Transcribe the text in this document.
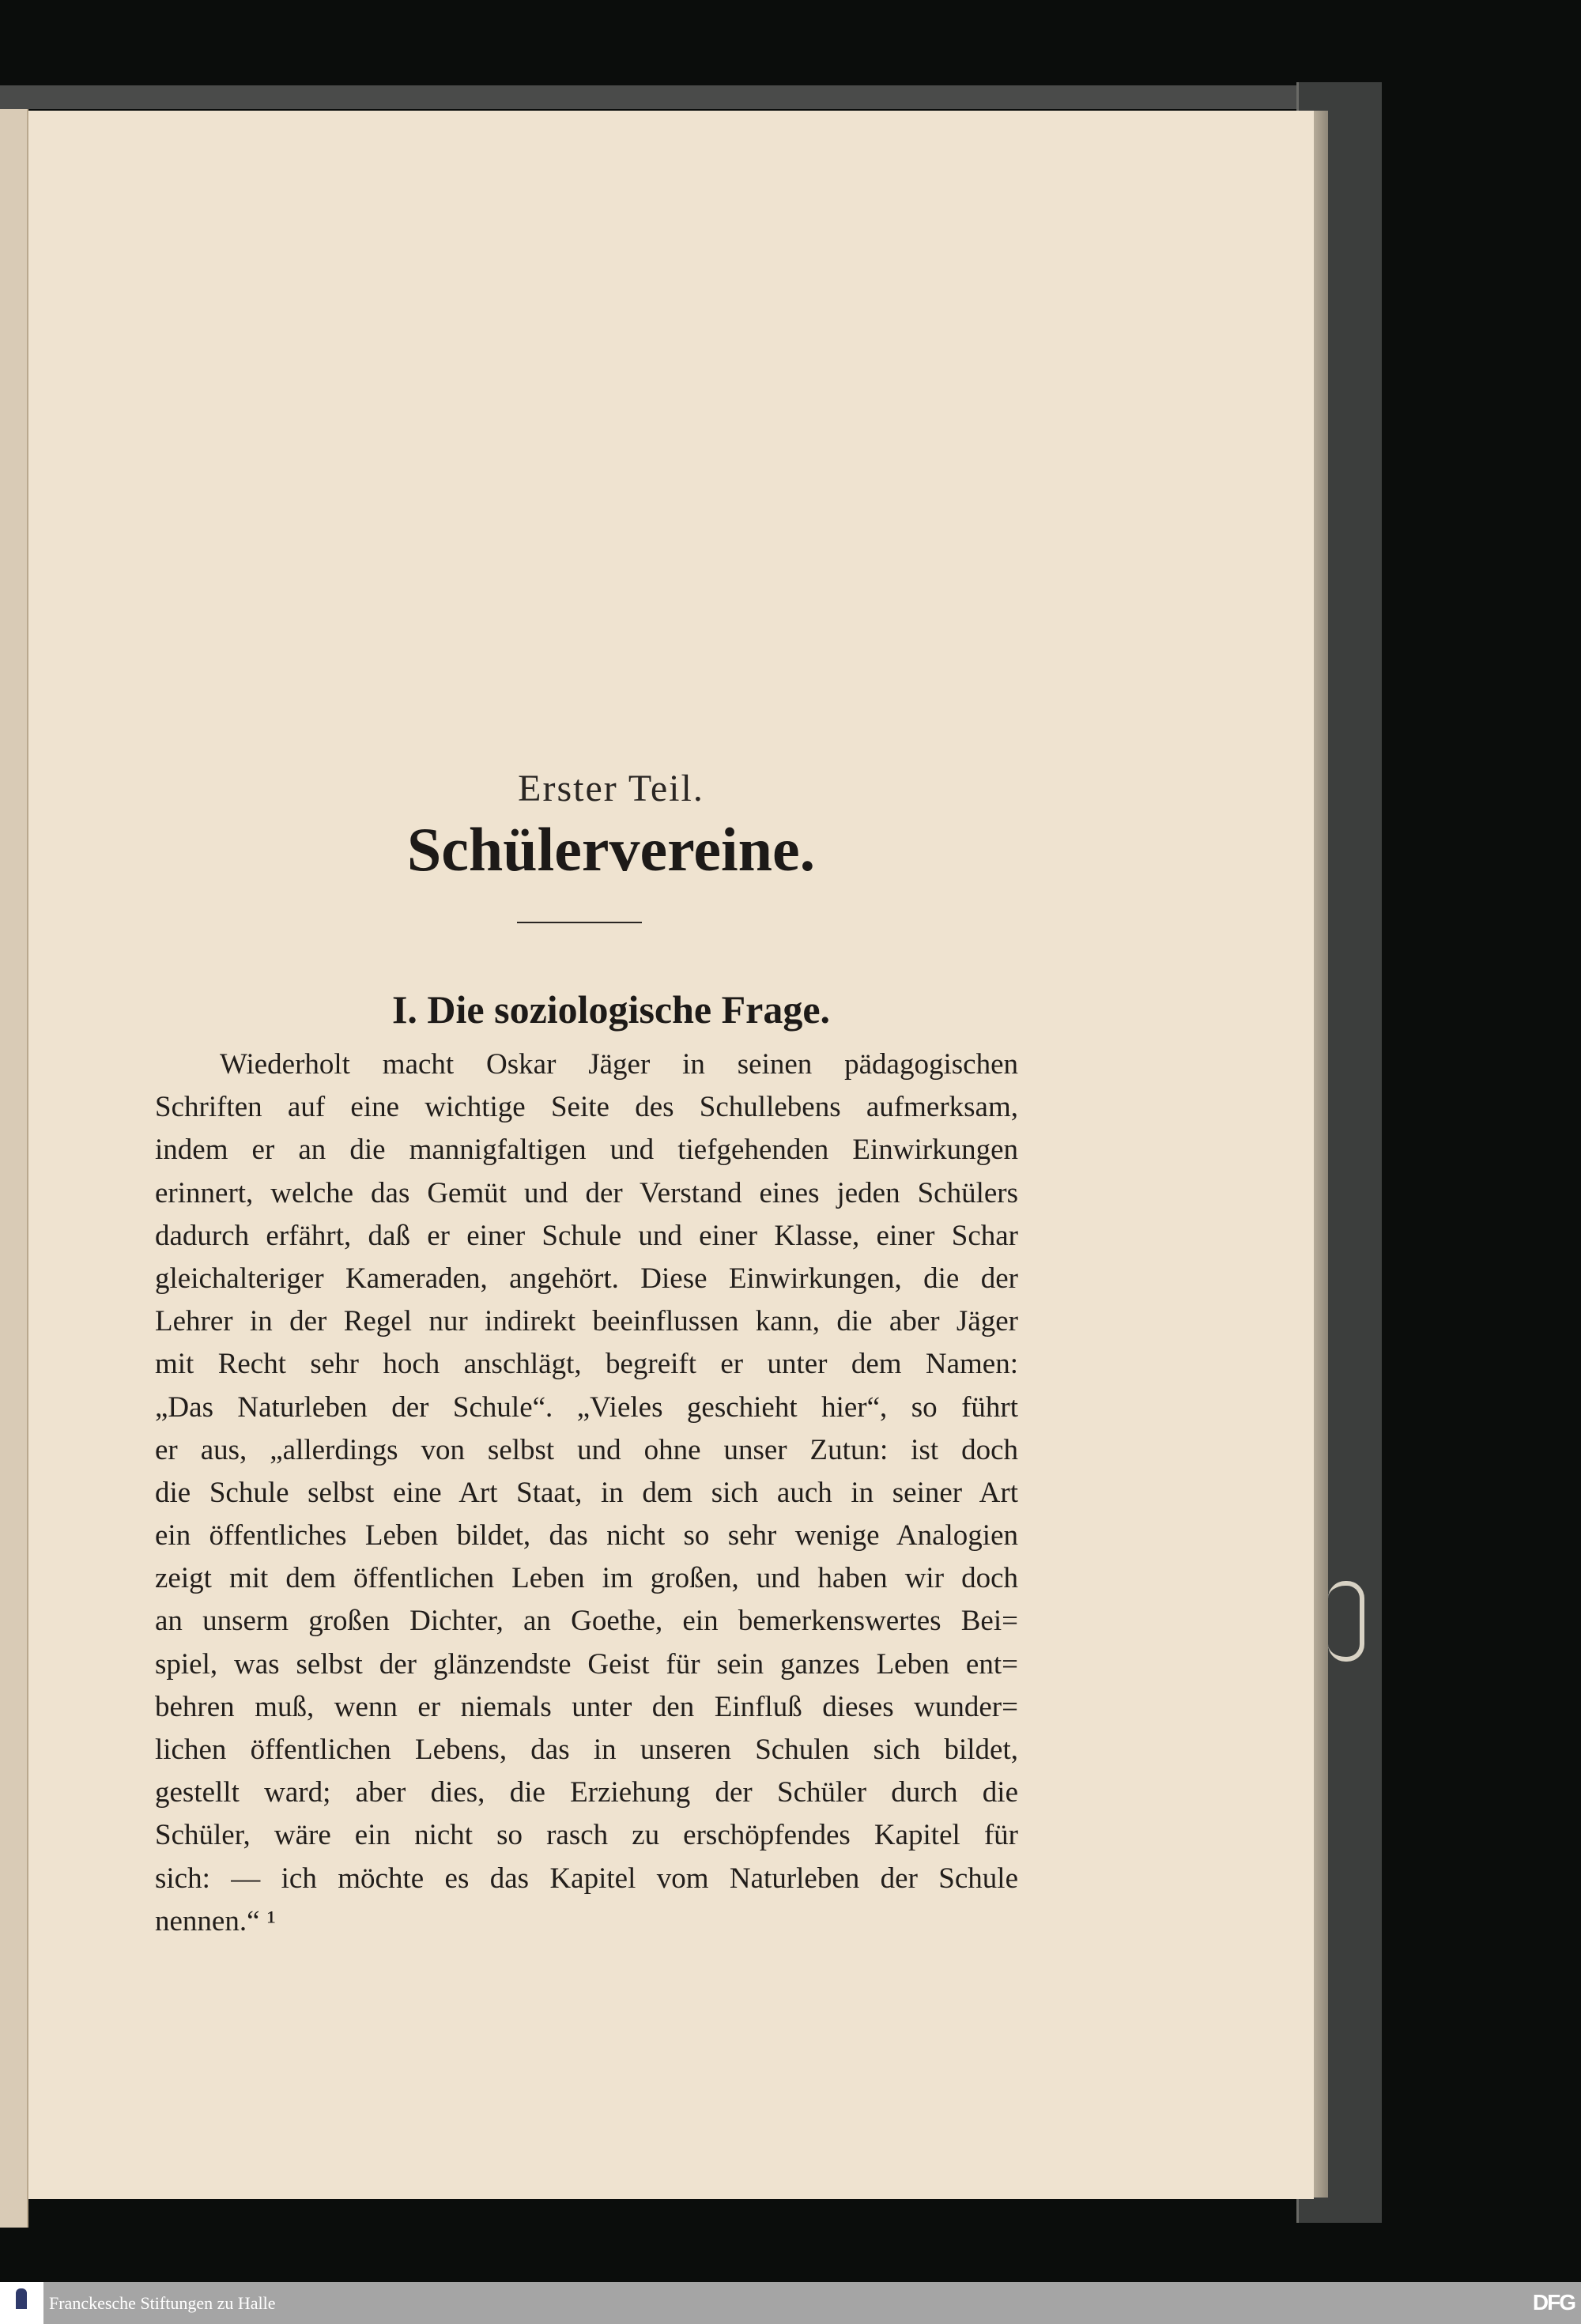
Erster Teil.
Schülervereine.
I. Die soziologische Frage.
Wiederholt macht Oskar Jäger in seinen pädagogischen
Schriften auf eine wichtige Seite des Schullebens aufmerksam,
indem er an die mannigfaltigen und tiefgehenden Einwirkungen
erinnert, welche das Gemüt und der Verstand eines jeden Schülers
dadurch erfährt, daß er einer Schule und einer Klasse, einer Schar
gleichalteriger Kameraden, angehört. Diese Einwirkungen, die der
Lehrer in der Regel nur indirekt beeinflussen kann, die aber Jäger
mit Recht sehr hoch anschlägt, begreift er unter dem Namen:
„Das Naturleben der Schule“. „Vieles geschieht hier“, so führt
er aus, „allerdings von selbst und ohne unser Zutun: ist doch
die Schule selbst eine Art Staat, in dem sich auch in seiner Art
ein öffentliches Leben bildet, das nicht so sehr wenige Analogien
zeigt mit dem öffentlichen Leben im großen, und haben wir doch
an unserm großen Dichter, an Goethe, ein bemerkenswertes Bei=
spiel, was selbst der glänzendste Geist für sein ganzes Leben ent=
behren muß, wenn er niemals unter den Einfluß dieses wunder=
lichen öffentlichen Lebens, das in unseren Schulen sich bildet,
gestellt ward; aber dies, die Erziehung der Schüler durch die
Schüler, wäre ein nicht so rasch zu erschöpfendes Kapitel für
sich: — ich möchte es das Kapitel vom Naturleben der Schule
nennen.“ ¹
Franckesche Stiftungen zu Halle	DFG
